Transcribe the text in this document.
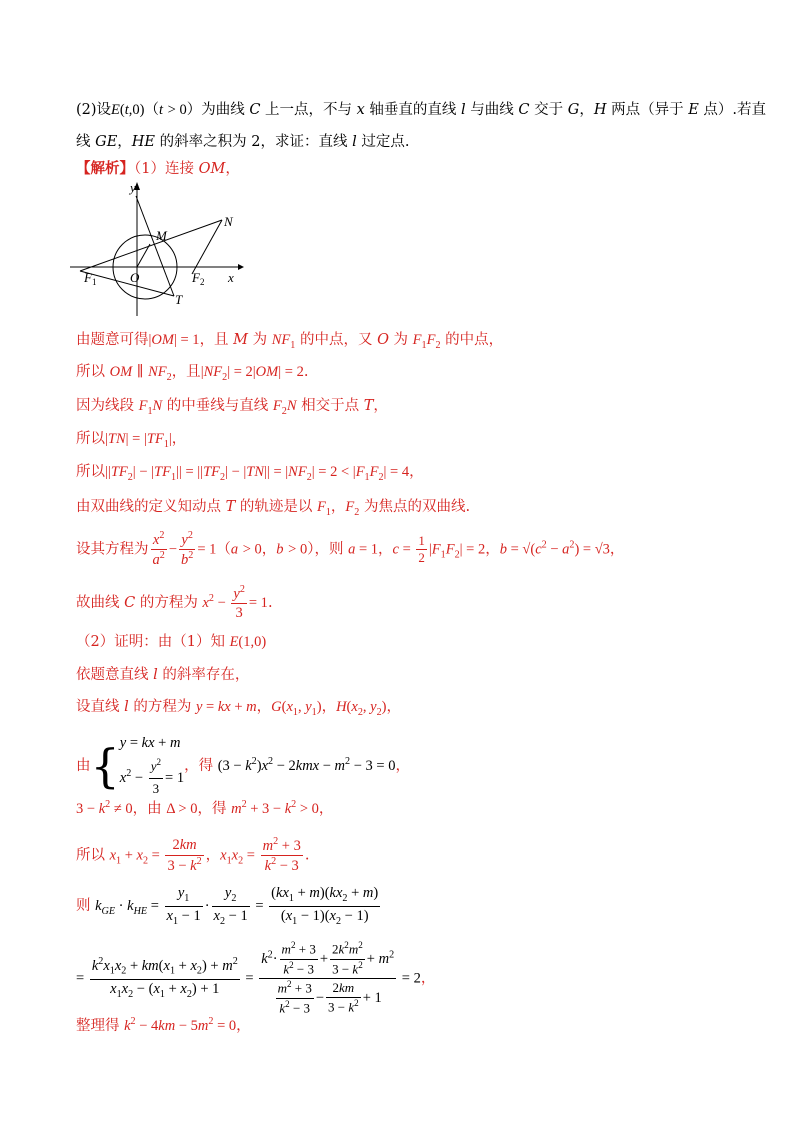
(2)设E(t,0)（t > 0）为曲线 C 上一点，不与 x 轴垂直的直线 l 与曲线 C 交于 G，H 两点（异于 E 点）.若直
线 GE，HE 的斜率之积为 2，求证：直线 l 过定点.
【解析】（1）连接 OM，
y
M
N
$F_1$	O	$F_2$ x
T
由题意可得|OM| = 1，且 M 为 $NF_1$ 的中点，又 O 为 $F_1F_2$ 的中点，
所以 OM ∥ $NF_2$，且$|NF_2| = 2|OM| = 2$.
因为线段 $F_1N$ 的中垂线与直线 $F_2N$ 相交于点 T，
所以$|TN| = |TF_1|$，
所以$||TF_2| - |TF_1|| = ||TF_2| - |TN|| = |NF_2| = 2 < |F_1F_2| = 4$，
由双曲线的定义知动点 T 的轨迹是以 $F_1$，$F_2$ 为焦点的双曲线.
设其方程为 $\frac{x^2}{a^2} - \frac{y^2}{b^2} = 1(a > 0$，b > 0），则 a = 1，$c = \frac{1}{2} |F_1F_2| = 2$，$b = √(c^2 - a^2) = √3$，
故曲线 C 的方程为 $x^2 - \frac{y^2}{3} = 1$.
（2）证明：由（1）知 E(1,0)
依题意直线 l 的斜率存在，
设直线 l 的方程为 y = kx + m，$G(x_1$, $y_1$)，$H(x_2$, $y_2$)，
由{y = kx + m
$x^2 - \frac{y^2}{3} = 1$，得 $(3 - k^2)x^2 - 2kmx - m^2 - 3 = 0$，
$3 - k^2 \ne 0$，由 Δ > 0，得 $m^2 + 3 - k^2 > 0$，
所以 $x_1 + x_2 = \frac{2km}{3 - k^2}$ ，$x_1x_2 = \frac{m^2 + 3}{k^2 - 3}$ .
则 $k_{GE} \cdot k_{HE} = \frac{y_1}{x_1 - 1} \cdot \frac{y_2}{x_2 - 1} = \frac{(kx_1 + m)(kx_2 + m)}{(x_1 - 1)(x_2 - 1)}$
= $\frac{k^2x_1x_2 + km(x_1 + x_2) + m^2}{x_1x_2 - (x_1 + x_2) + 1} = \frac{k^2\cdot \frac{m^2 + 3}{k^2 - 3} + \frac{2k^2m^2}{3 - k^2} + m^2}{\frac{m^2 + 3}{k^2 - 3} - \frac{2km}{3 - k^2} + 1} = 2$，
整理得 $k^2 - 4km - 5m^2 = 0$，
